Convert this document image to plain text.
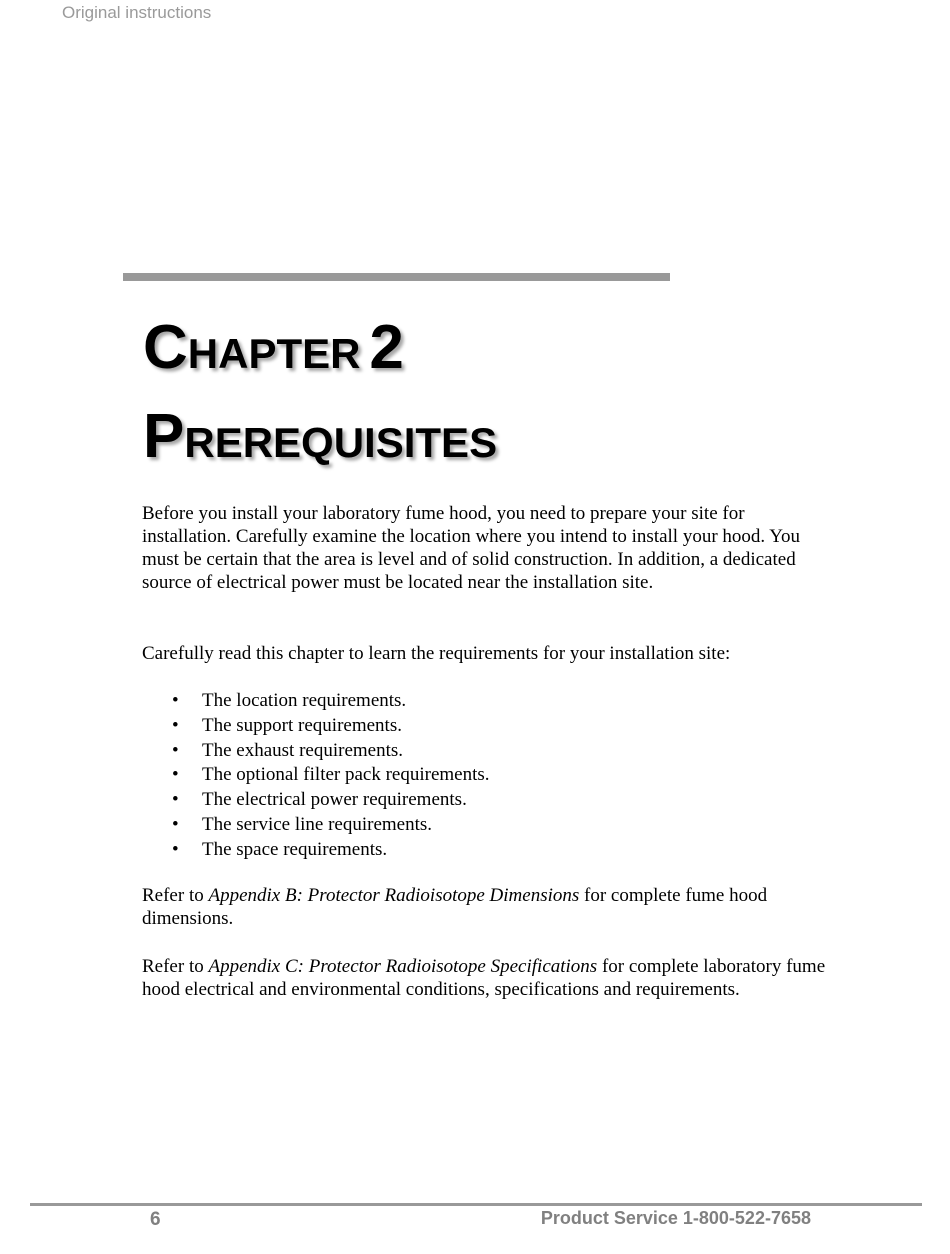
Original instructions
CHAPTER 2
PREREQUISITES

Before you install your laboratory fume hood, you need to prepare your site for installation. Carefully examine the location where you intend to install your hood. You must be certain that the area is level and of solid construction. In addition, a dedicated source of electrical power must be located near the installation site.

Carefully read this chapter to learn the requirements for your installation site:

• The location requirements.
• The support requirements.
• The exhaust requirements.
• The optional filter pack requirements.
• The electrical power requirements.
• The service line requirements.
• The space requirements.

Refer to Appendix B: Protector Radioisotope Dimensions for complete fume hood dimensions.

Refer to Appendix C: Protector Radioisotope Specifications for complete laboratory fume hood electrical and environmental conditions, specifications and requirements.

6	Product Service 1-800-522-7658
